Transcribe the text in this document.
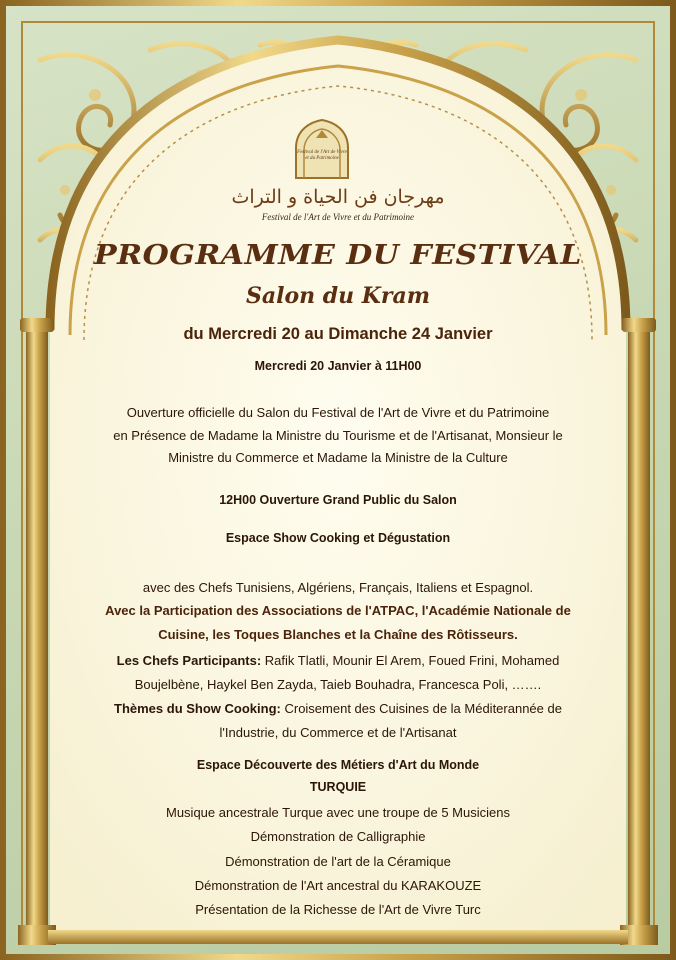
Festival de l'Art de Vivre et du Patrimoine

مهرجان فن الحياة و التراث

Festival de l'Art de Vivre et du Patrimoine

PROGRAMME DU FESTIVAL
Salon du Kram

du Mercredi 20 au Dimanche 24 Janvier

Mercredi 20 Janvier à 11H00

Ouverture officielle du Salon du Festival de l'Art de Vivre et du Patrimoine

en Présence de Madame la Ministre du Tourisme et de l'Artisanat, Monsieur le

Ministre du Commerce et Madame la Ministre de la Culture

12H00 Ouverture Grand Public du Salon

Espace Show Cooking et Dégustation

avec des Chefs Tunisiens, Algériens, Français, Italiens et Espagnol.

Avec la Participation des Associations de l'ATPAC, l'Académie Nationale de

Cuisine, les Toques Blanches et la Chaîne des Rôtisseurs.

Les Chefs Participants: Rafik Tlatli, Mounir El Arem, Foued Frini, Mohamed

Boujelbène, Haykel Ben Zayda, Taieb Bouhadra, Francesca Poli, …….

Thèmes du Show Cooking: Croisement des Cuisines de la Méditerannée de

l'Industrie, du Commerce et de l'Artisanat

Espace Découverte des Métiers d'Art du Monde

TURQUIE

Musique ancestrale Turque avec une troupe de 5 Musiciens

Démonstration de Calligraphie

Démonstration de l'art de la Céramique

Démonstration de l'Art ancestral du KARAKOUZE

Présentation de la Richesse de l'Art de Vivre Turc
